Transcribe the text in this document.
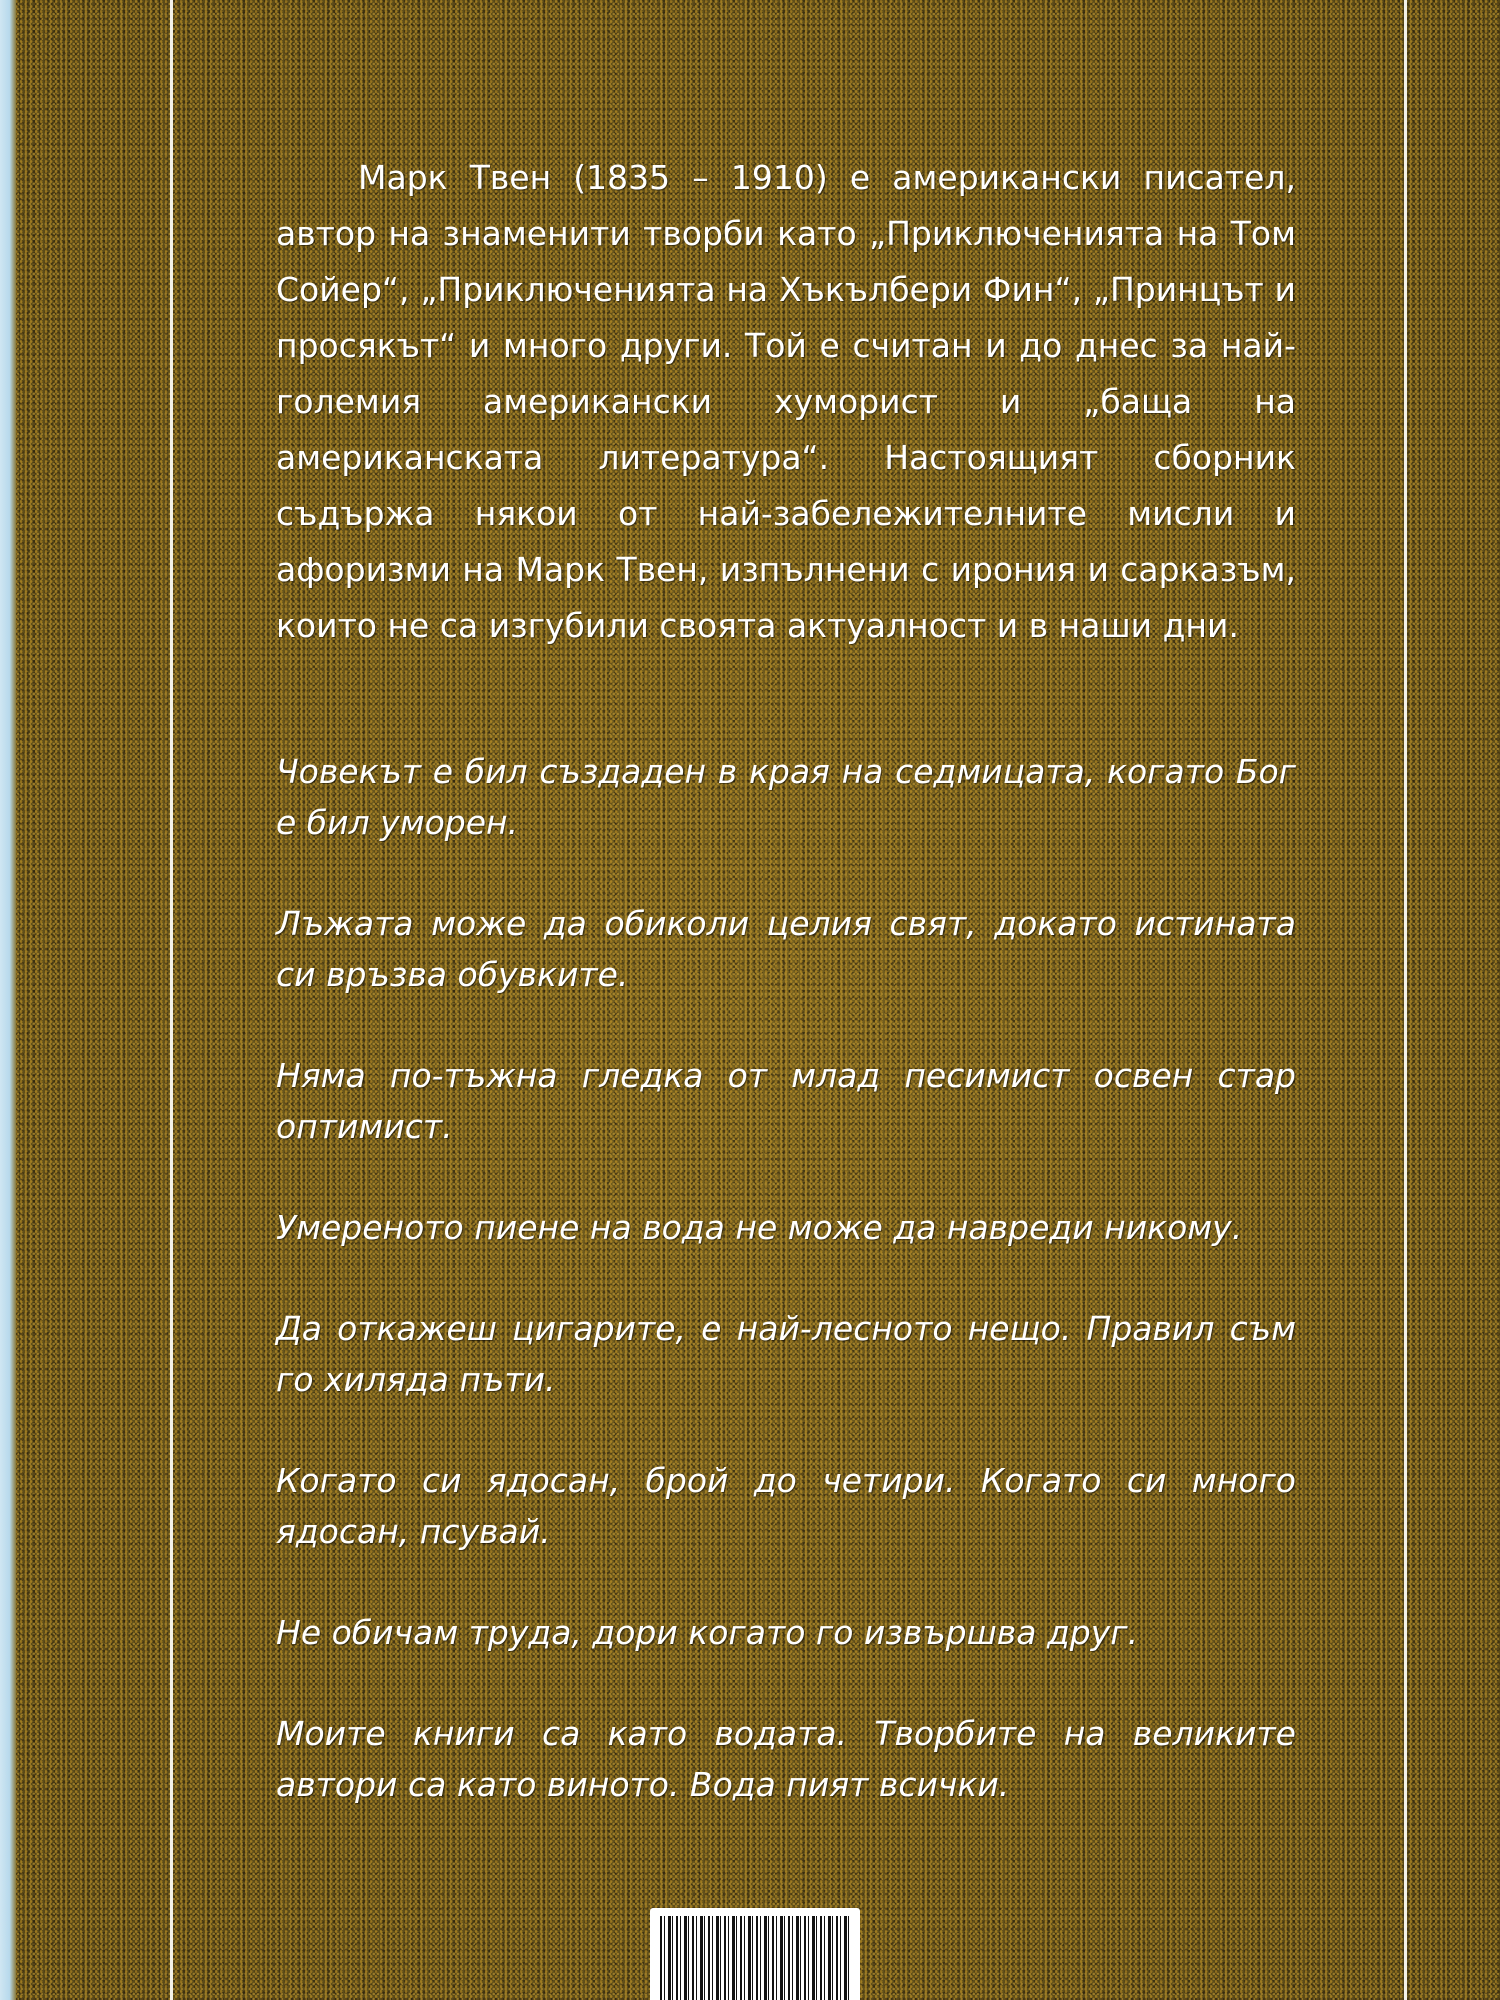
Марк Твен (1835 – 1910) е американски писател, автор на знаменити творби като „Приключенията на Том Сойер“, „Приключенията на Хъкълбери Фин“, „Принцът и просякът“ и много други. Той е считан и до днес за най-големия американски хуморист и „баща на американската литература“. Настоящият сборник съдържа някои от най-забележителните мисли и афоризми на Марк Твен, изпълнени с ирония и сарказъм, които не са изгубили своята актуалност и в наши дни.

Човекът е бил създаден в края на седмицата, когато Бог е бил уморен.

Лъжата може да обиколи целия свят, докато истината си връзва обувките.

Няма по-тъжна гледка от млад песимист освен стар оптимист.

Умереното пиене на вода не може да навреди никому.

Да откажеш цигарите, е най-лесното нещо. Правил съм го хиляда пъти.

Когато си ядосан, брой до четири. Когато си много ядосан, псувай.

Не обичам труда, дори когато го извършва друг.

Моите книги са като водата. Творбите на великите автори са като виното. Вода пият всички.
